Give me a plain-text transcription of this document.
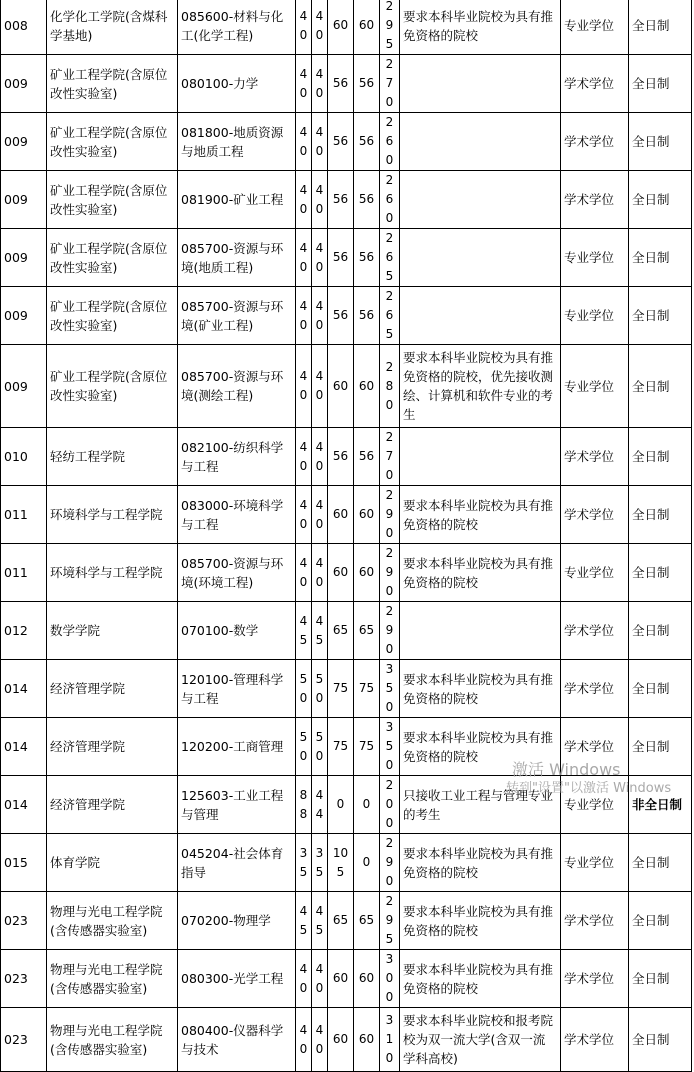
008	化学化工学院(含煤科学基地)	085600-材料与化工(化学工程)	40	40	60	60	295	要求本科毕业院校为具有推免资格的院校	专业学位	全日制
009	矿业工程学院(含原位改性实验室)	080100-力学	40	40	56	56	270		学术学位	全日制
009	矿业工程学院(含原位改性实验室)	081800-地质资源与地质工程	40	40	56	56	260		学术学位	全日制
009	矿业工程学院(含原位改性实验室)	081900-矿业工程	40	40	56	56	260		学术学位	全日制
009	矿业工程学院(含原位改性实验室)	085700-资源与环境(地质工程)	40	40	56	56	265		专业学位	全日制
009	矿业工程学院(含原位改性实验室)	085700-资源与环境(矿业工程)	40	40	56	56	265		专业学位	全日制
009	矿业工程学院(含原位改性实验室)	085700-资源与环境(测绘工程)	40	40	60	60	280	要求本科毕业院校为具有推免资格的院校，优先接收测绘、计算机和软件专业的考生	专业学位	全日制
010	轻纺工程学院	082100-纺织科学与工程	40	40	56	56	270		学术学位	全日制
011	环境科学与工程学院	083000-环境科学与工程	40	40	60	60	290	要求本科毕业院校为具有推免资格的院校	学术学位	全日制
011	环境科学与工程学院	085700-资源与环境(环境工程)	40	40	60	60	290	要求本科毕业院校为具有推免资格的院校	专业学位	全日制
012	数学学院	070100-数学	45	45	65	65	290		学术学位	全日制
014	经济管理学院	120100-管理科学与工程	50	50	75	75	350	要求本科毕业院校为具有推免资格的院校	学术学位	全日制
014	经济管理学院	120200-工商管理	50	50	75	75	350	要求本科毕业院校为具有推免资格的院校	学术学位	全日制
014	经济管理学院	125603-工业工程与管理	88	44	0	0	200	只接收工业工程与管理专业的考生	专业学位	非全日制
015	体育学院	045204-社会体育指导	35	35	105	0	290	要求本科毕业院校为具有推免资格的院校	专业学位	全日制
023	物理与光电工程学院(含传感器实验室)	070200-物理学	45	45	65	65	295	要求本科毕业院校为具有推免资格的院校	学术学位	全日制
023	物理与光电工程学院(含传感器实验室)	080300-光学工程	40	40	60	60	300	要求本科毕业院校为具有推免资格的院校	学术学位	全日制
023	物理与光电工程学院(含传感器实验室)	080400-仪器科学与技术	40	40	60	60	310	要求本科毕业院校和报考院校为双一流大学(含双一流学科高校)	学术学位	全日制
激活 Windows
转到"设置"以激活 Windows
